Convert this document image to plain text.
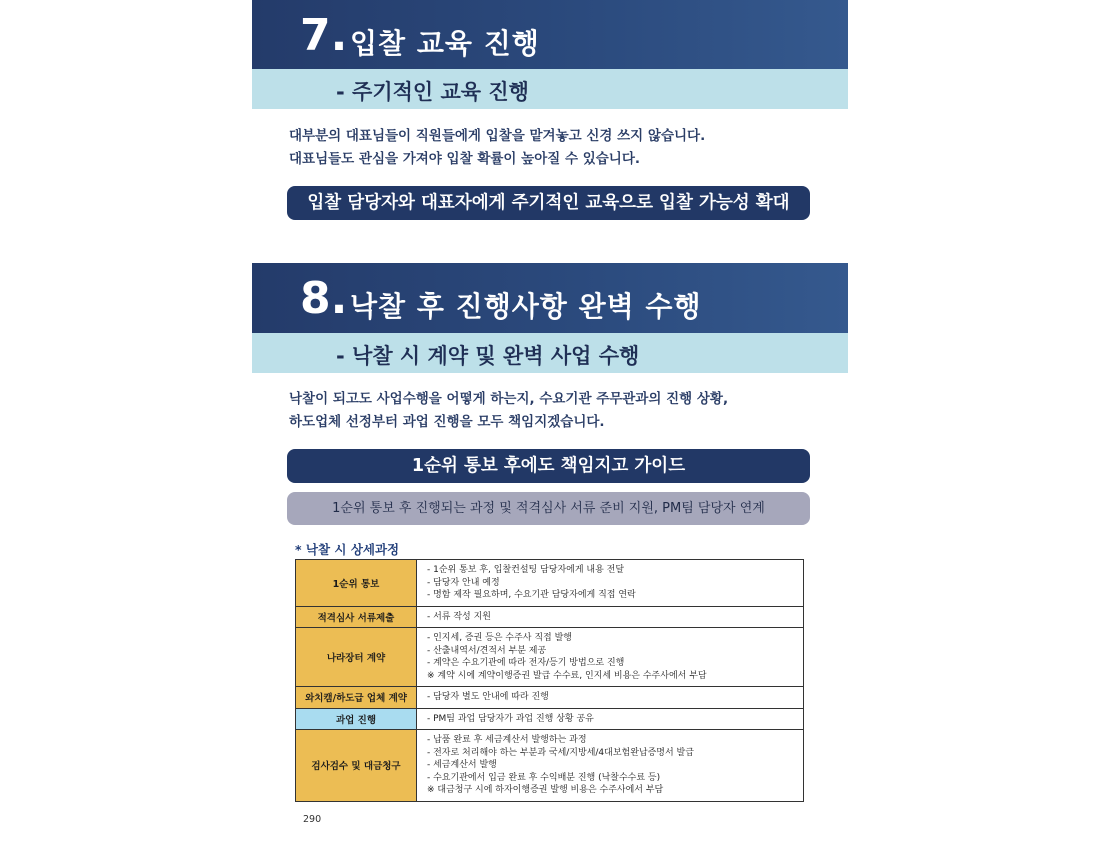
7. 입찰 교육 진행
- 주기적인 교육 진행
대부분의 대표님들이 직원들에게 입찰을 맡겨놓고 신경 쓰지 않습니다.
대표님들도 관심을 가져야 입찰 확률이 높아질 수 있습니다.
입찰 담당자와 대표자에게 주기적인 교육으로 입찰 가능성 확대
8. 낙찰 후 진행사항 완벽 수행
- 낙찰 시 계약 및 완벽 사업 수행
낙찰이 되고도 사업수행을 어떻게 하는지, 수요기관 주무관과의 진행 상황,
하도업체 선정부터 과업 진행을 모두 책임지겠습니다.
1순위 통보 후에도 책임지고 가이드
1순위 통보 후 진행되는 과정 및 적격심사 서류 준비 지원, PM팀 담당자 연계
* 낙찰 시 상세과정
1순위 통보	- 1순위 통보 후, 입찰컨설팅 담당자에게 내용 전달
- 담당자 안내 예정
- 명함 제작 필요하며, 수요기관 담당자에게 직접 연락

적격심사 서류제출	- 서류 작성 지원

나라장터 계약	- 인지세, 증권 등은 수주사 직접 발행
- 산출내역서/견적서 부분 제공
- 계약은 수요기관에 따라 전자/등기 방법으로 진행
※ 계약 시에 계약이행증권 발급 수수료, 인지세 비용은 수주사에서 부담

와치캠/하도급 업체 계약	- 담당자 별도 안내에 따라 진행

과업 진행	- PM팀 과업 담당자가 과업 진행 상황 공유

검사검수 및 대금청구	- 납품 완료 후 세금계산서 발행하는 과정
- 전자로 처리해야 하는 부분과 국세/지방세/4대보험완납증명서 발급
- 세금계산서 발행
- 수요기관에서 입금 완료 후 수익배분 진행 (낙찰수수료 등)
※ 대금청구 시에 하자이행증권 발행 비용은 수주사에서 부담
290
